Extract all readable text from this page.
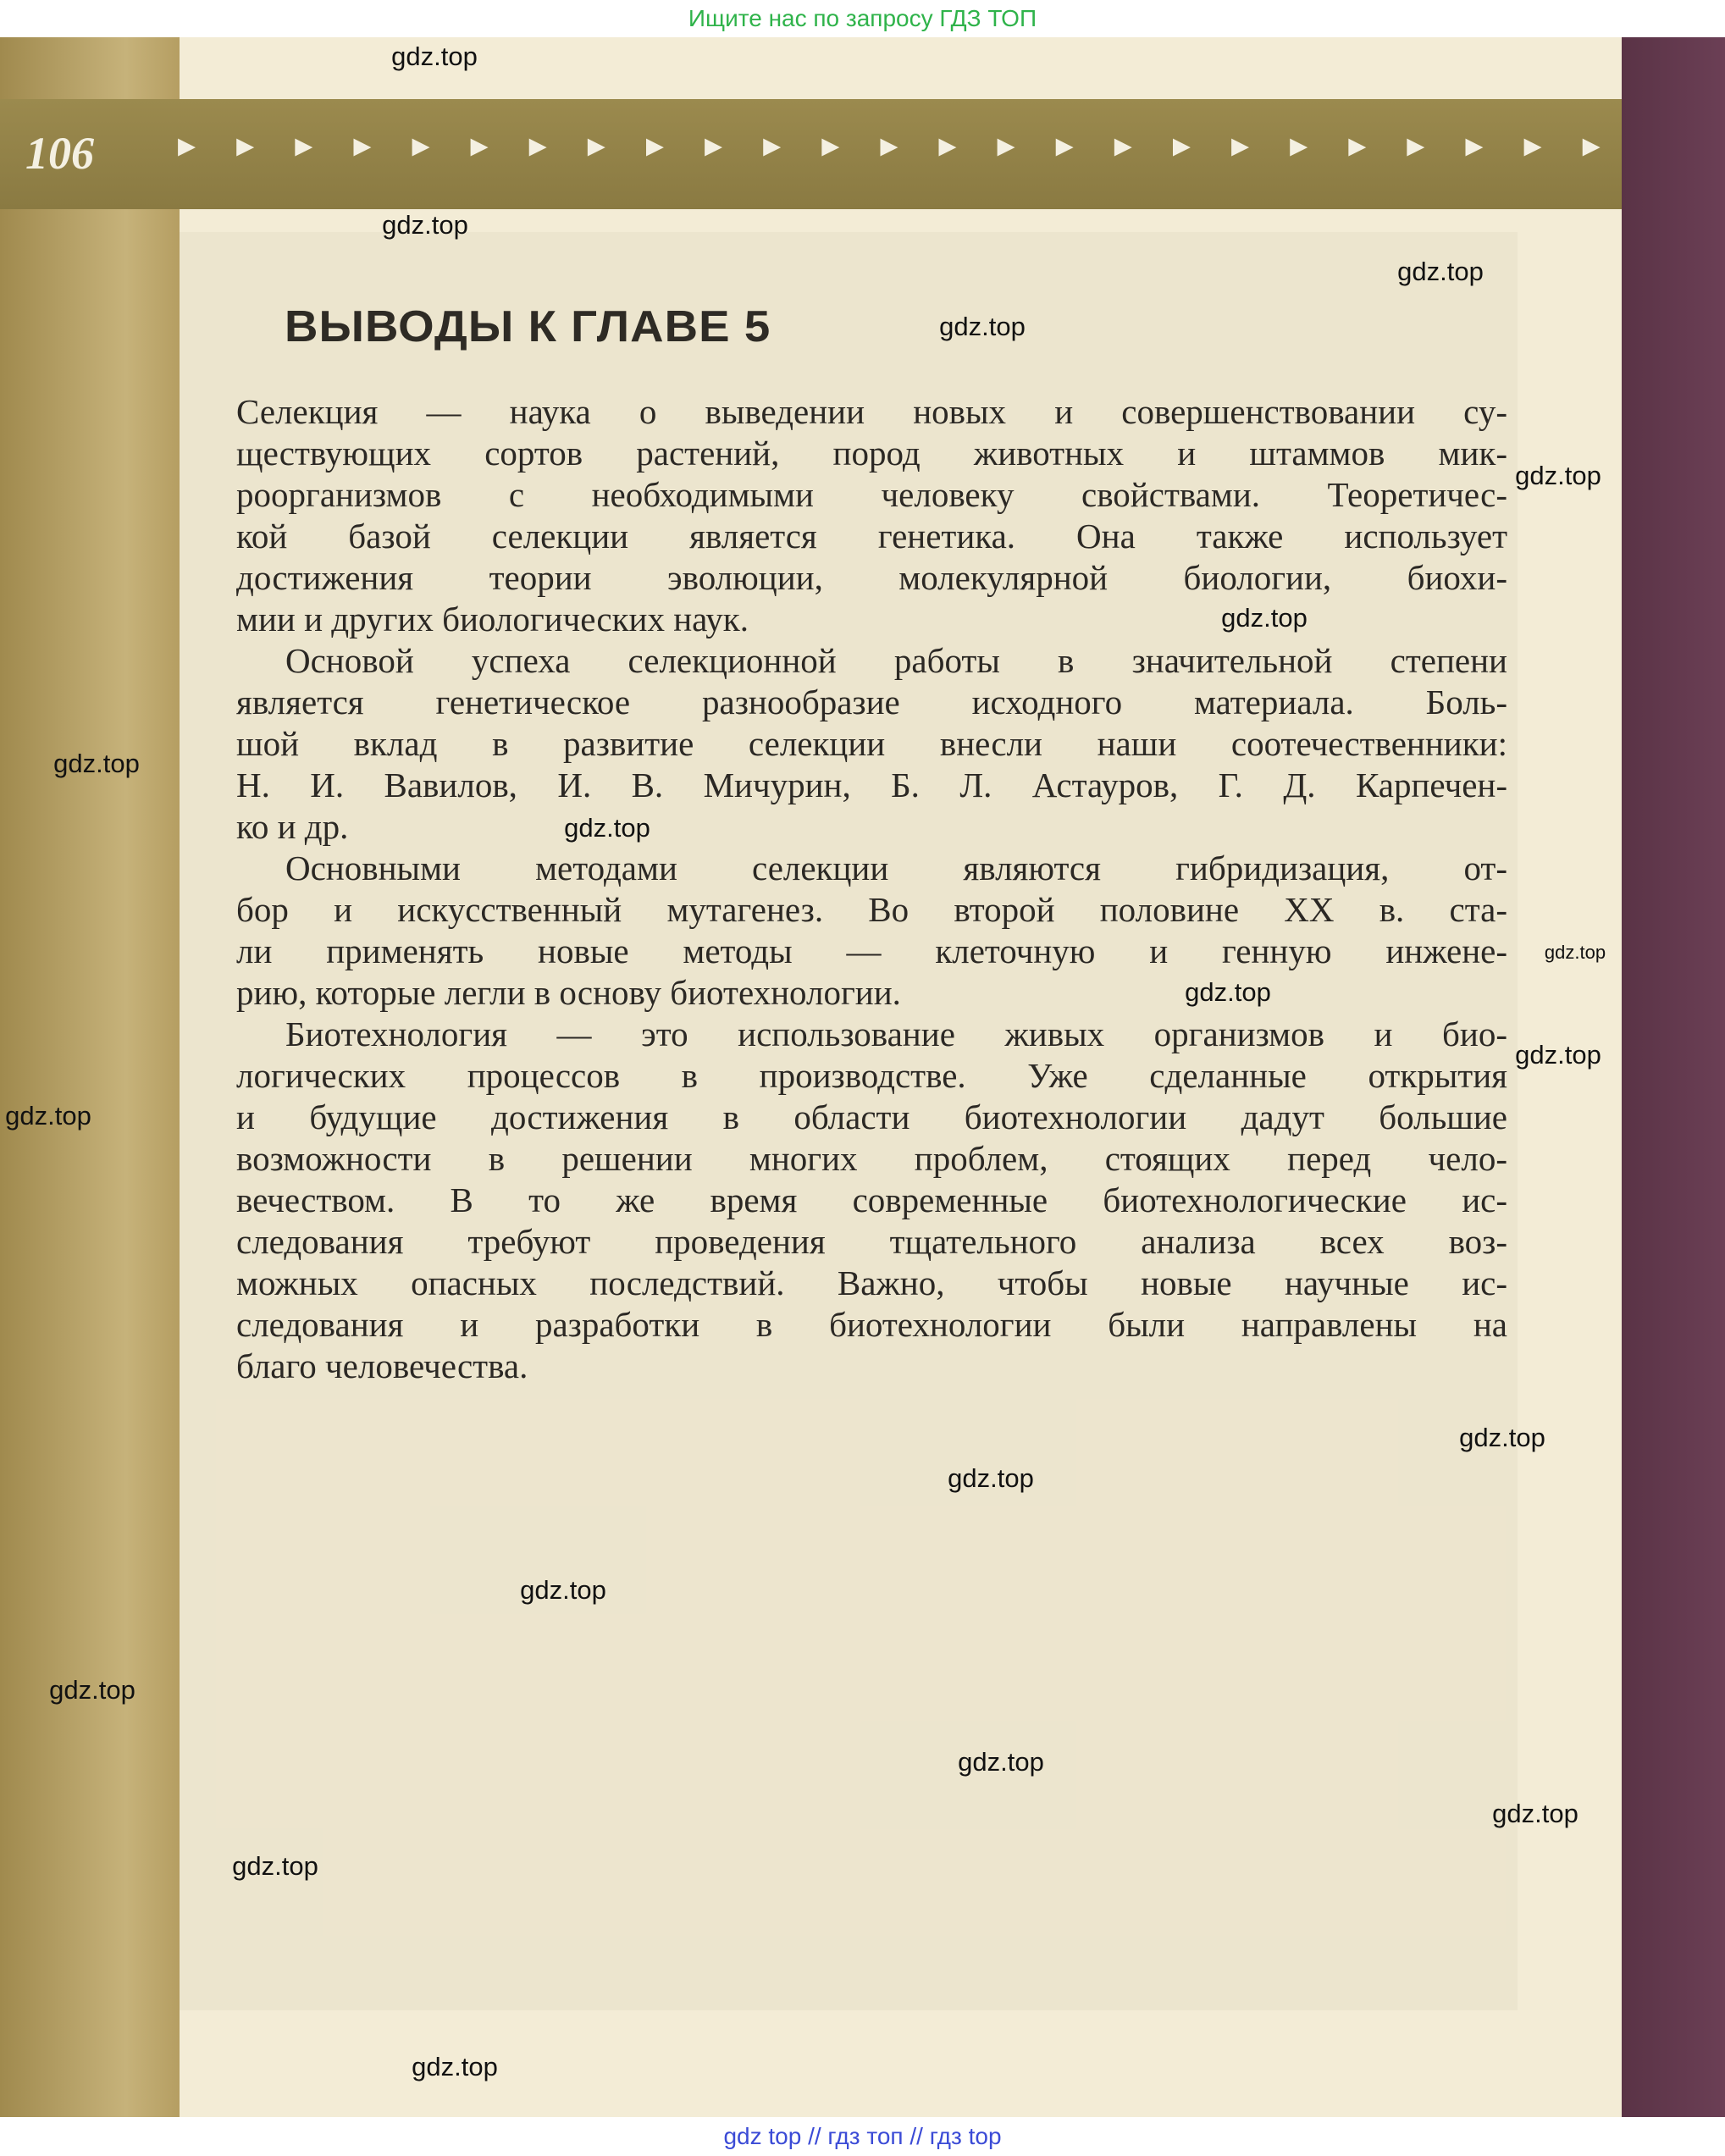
Ищите нас по запросу ГДЗ ТОП
106 ▸ ▸ ▸ ▸ ▸ ▸ ▸ ▸ ▸ ▸ ▸ ▸ ▸ ▸ ▸ ▸ ▸ ▸ ▸ ▸ ▸ ▸ ▸ ▸ ▸
ВЫВОДЫ К ГЛАВЕ 5
Селекция — наука о выведении новых и совершенствовании су-
ществующих сортов растений, пород животных и штаммов мик-
роорганизмов с необходимыми человеку свойствами. Теоретичес-
кой базой селекции является генетика. Она также использует
достижения теории эволюции, молекулярной биологии, биохи-
мии и других биологических наук.
Основой успеха селекционной работы в значительной степени
является генетическое разнообразие исходного материала. Боль-
шой вклад в развитие селекции внесли наши соотечественники:
Н. И. Вавилов, И. В. Мичурин, Б. Л. Астауров, Г. Д. Карпечен-
ко и др.
Основными методами селекции являются гибридизация, от-
бор и искусственный мутагенез. Во второй половине XX в. ста-
ли применять новые методы — клеточную и генную инжене-
рию, которые легли в основу биотехнологии.
Биотехнология — это использование живых организмов и био-
логических процессов в производстве. Уже сделанные открытия
и будущие достижения в области биотехнологии дадут большие
возможности в решении многих проблем, стоящих перед чело-
вечеством. В то же время современные биотехнологические ис-
следования требуют проведения тщательного анализа всех воз-
можных опасных последствий. Важно, чтобы новые научные ис-
следования и разработки в биотехнологии были направлены на
благо человечества.
gdz.top
gdz.top
gdz.top
gdz.top
gdz.top
gdz.top
gdz.top
gdz.top
gdz.top
gdz.top
gdz.top
gdz.top
gdz.top
gdz.top
gdz.top
gdz.top
gdz.top
gdz.top
gdz.top
gdz.top
gdz top // гдз топ // гдз top
